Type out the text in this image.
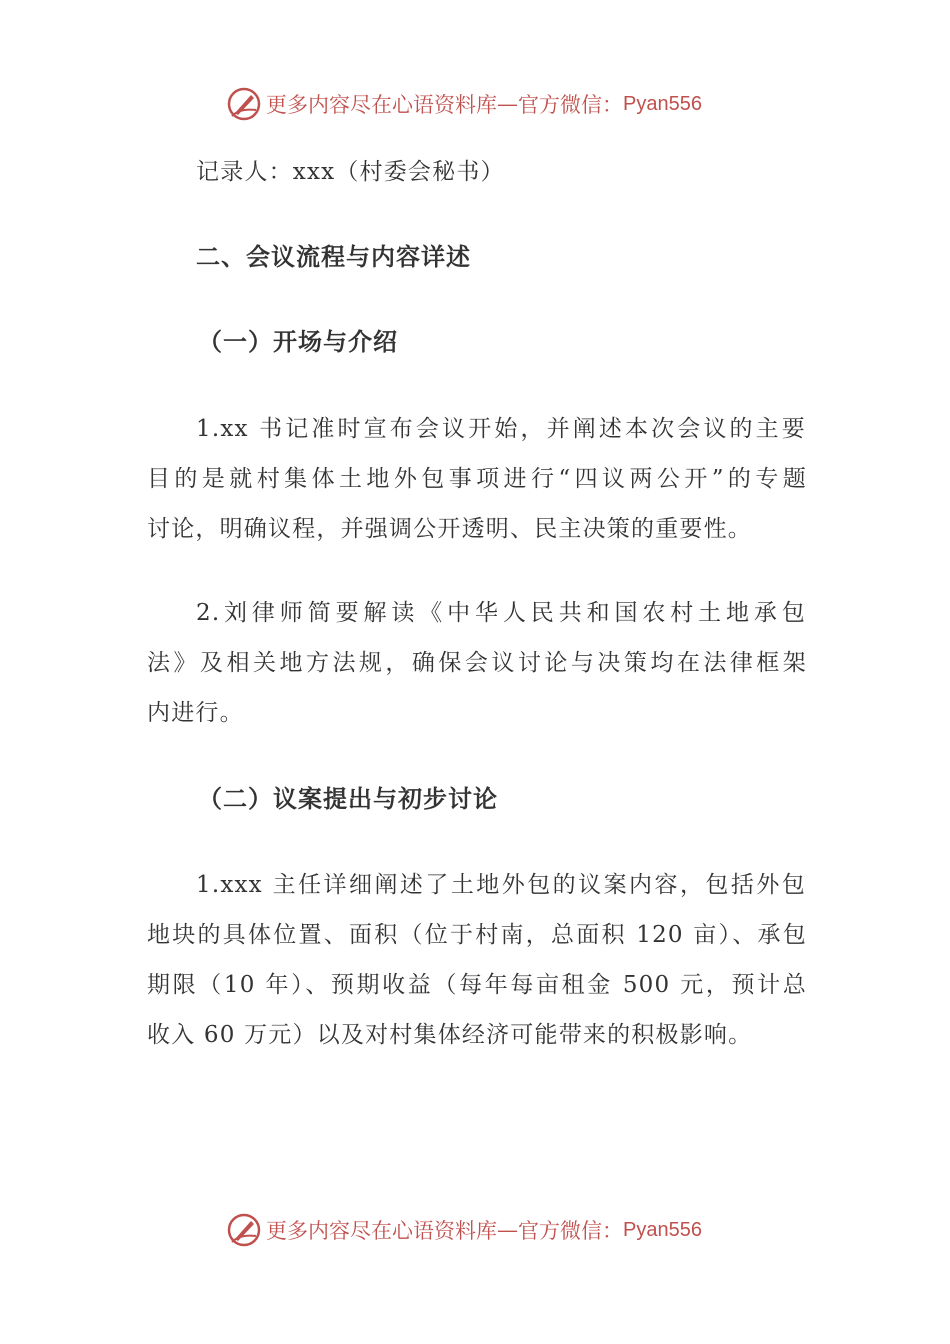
更多内容尽在心语资料库 — 官方微信： Pyan556
记录人：xxx（村委会秘书）
二、会议流程与内容详述
（一）开场与介绍
1.xx 书记准时宣布会议开始，并阐述本次会议的主要
目的是就村集体土地外包事项进行“四议两公开”的专题
讨论，明确议程，并强调公开透明、民主决策的重要性。
2.刘律师简要解读《中华人民共和国农村土地承包
法》及相关地方法规，确保会议讨论与决策均在法律框架
内进行。
（二）议案提出与初步讨论
1.xxx 主任详细阐述了土地外包的议案内容，包括外包
地块的具体位置、面积（位于村南，总面积 120 亩）、承包
期限（10 年）、预期收益（每年每亩租金 500 元，预计总
收入 60 万元）以及对村集体经济可能带来的积极影响。
更多内容尽在心语资料库 — 官方微信： Pyan556
